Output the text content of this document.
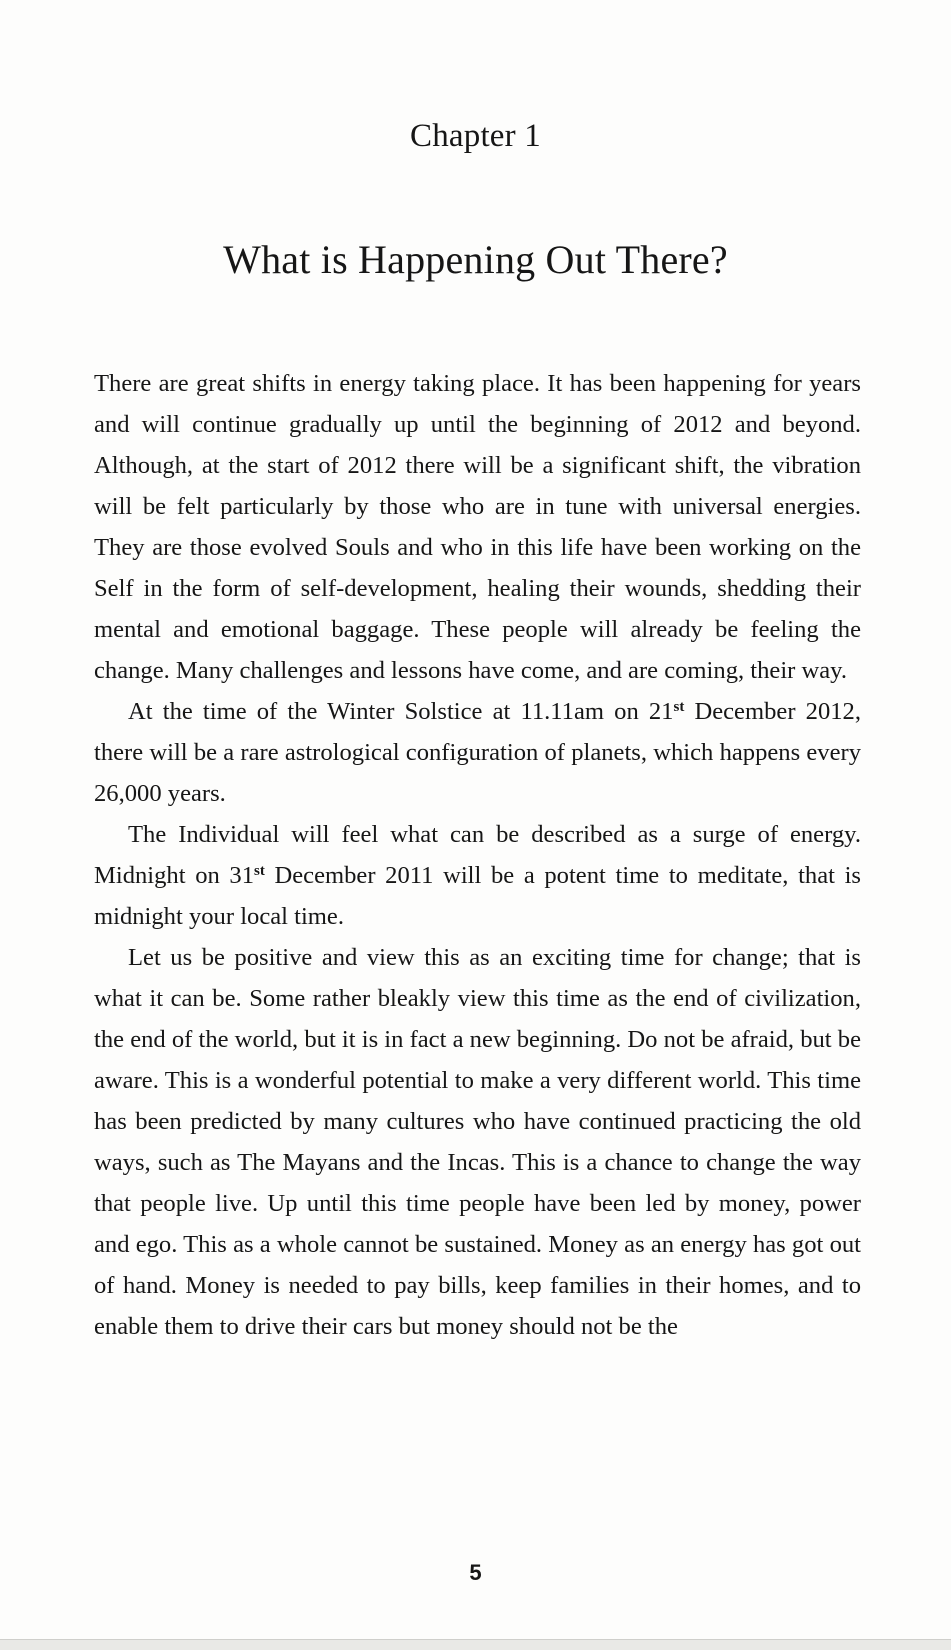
Chapter 1
What is Happening Out There?

There are great shifts in energy taking place. It has been happening for years and will continue gradually up until the beginning of 2012 and beyond. Although, at the start of 2012 there will be a significant shift, the vibration will be felt particularly by those who are in tune with universal energies. They are those evolved Souls and who in this life have been working on the Self in the form of self-development, healing their wounds, shedding their mental and emotional baggage. These people will already be feeling the change. Many challenges and lessons have come, and are coming, their way.

At the time of the Winter Solstice at 11.11am on 21st December 2012, there will be a rare astrological configuration of planets, which happens every 26,000 years.

The Individual will feel what can be described as a surge of energy. Midnight on 31st December 2011 will be a potent time to meditate, that is midnight your local time.

Let us be positive and view this as an exciting time for change; that is what it can be. Some rather bleakly view this time as the end of civilization, the end of the world, but it is in fact a new beginning. Do not be afraid, but be aware. This is a wonderful potential to make a very different world. This time has been predicted by many cultures who have continued practicing the old ways, such as The Mayans and the Incas. This is a chance to change the way that people live. Up until this time people have been led by money, power and ego. This as a whole cannot be sustained. Money as an energy has got out of hand. Money is needed to pay bills, keep families in their homes, and to enable them to drive their cars but money should not be the

5
